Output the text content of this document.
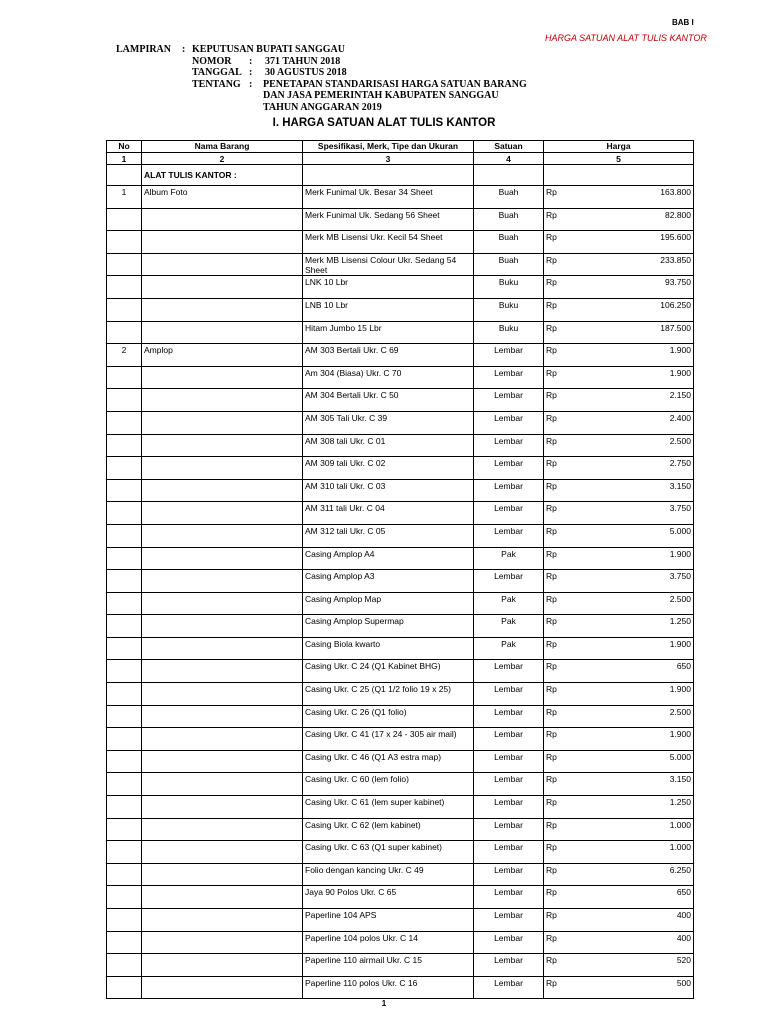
BAB I
HARGA SATUAN ALAT TULIS KANTOR
LAMPIRAN : KEPUTUSAN BUPATI SANGGAU
NOMOR : 371 TAHUN 2018
TANGGAL : 30 AGUSTUS 2018
TENTANG : PENETAPAN STANDARISASI HARGA SATUAN BARANG
DAN JASA PEMERINTAH KABUPATEN SANGGAU
TAHUN ANGGARAN 2019
I. HARGA SATUAN ALAT TULIS KANTOR
No	Nama Barang	Spesifikasi, Merk, Tipe dan Ukuran	Satuan	Harga	
1	2	3	4	5	
	ALAT TULIS KANTOR :				
1	Album Foto	Merk Funimal Uk. Besar 34 Sheet	Buah	Rp	163.800
		Merk Funimal Uk. Sedang 56 Sheet	Buah	Rp	82.800
		Merk MB Lisensi Ukr. Kecil 54 Sheet	Buah	Rp	195.600
		Merk MB Lisensi Colour Ukr. Sedang 54 Sheet	Buah	Rp	233.850
		LNK 10 Lbr	Buku	Rp	93.750
		LNB 10 Lbr	Buku	Rp	106.250
		Hitam Jumbo 15 Lbr	Buku	Rp	187.500
2	Amplop	AM 303 Bertali Ukr. C 69	Lembar	Rp	1.900
		Am 304 (Biasa) Ukr. C 70	Lembar	Rp	1.900
		AM 304 Bertali Ukr. C 50	Lembar	Rp	2.150
		AM 305 Tali Ukr. C 39	Lembar	Rp	2.400
		AM 308 tali Ukr. C 01	Lembar	Rp	2.500
		AM 309 tali Ukr. C 02	Lembar	Rp	2.750
		AM 310 tali Ukr. C 03	Lembar	Rp	3.150
		AM 311 tali Ukr. C 04	Lembar	Rp	3.750
		AM 312 tali Ukr. C 05	Lembar	Rp	5.000
		Casing Amplop A4	Pak	Rp	1.900
		Casing Amplop A3	Lembar	Rp	3.750
		Casing Amplop Map	Pak	Rp	2.500
		Casing Amplop Supermap	Pak	Rp	1.250
		Casing Biola kwarto	Pak	Rp	1.900
		Casing Ukr. C 24 (Q1 Kabinet BHG)	Lembar	Rp	650
		Casing Ukr. C 25 (Q1 1/2 folio 19 x 25)	Lembar	Rp	1.900
		Casing Ukr. C 26 (Q1 folio)	Lembar	Rp	2.500
		Casing Ukr. C 41 (17 x 24 - 305 air mail)	Lembar	Rp	1.900
		Casing Ukr. C 46 (Q1 A3 estra map)	Lembar	Rp	5.000
		Casing Ukr. C 60 (lem folio)	Lembar	Rp	3.150
		Casing Ukr. C 61 (lem super kabinet)	Lembar	Rp	1.250
		Casing Ukr. C 62 (lem kabinet)	Lembar	Rp	1.000
		Casing Ukr. C 63 (Q1 super kabinet)	Lembar	Rp	1.000
		Folio dengan kancing Ukr. C 49	Lembar	Rp	6.250
		Jaya 90 Polos Ukr. C 65	Lembar	Rp	650
		Paperline 104 APS	Lembar	Rp	400
		Paperline 104 polos Ukr. C 14	Lembar	Rp	400
		Paperline 110 airmail Ukr. C 15	Lembar	Rp	520
		Paperline 110 polos Ukr. C 16	Lembar	Rp	500
1
